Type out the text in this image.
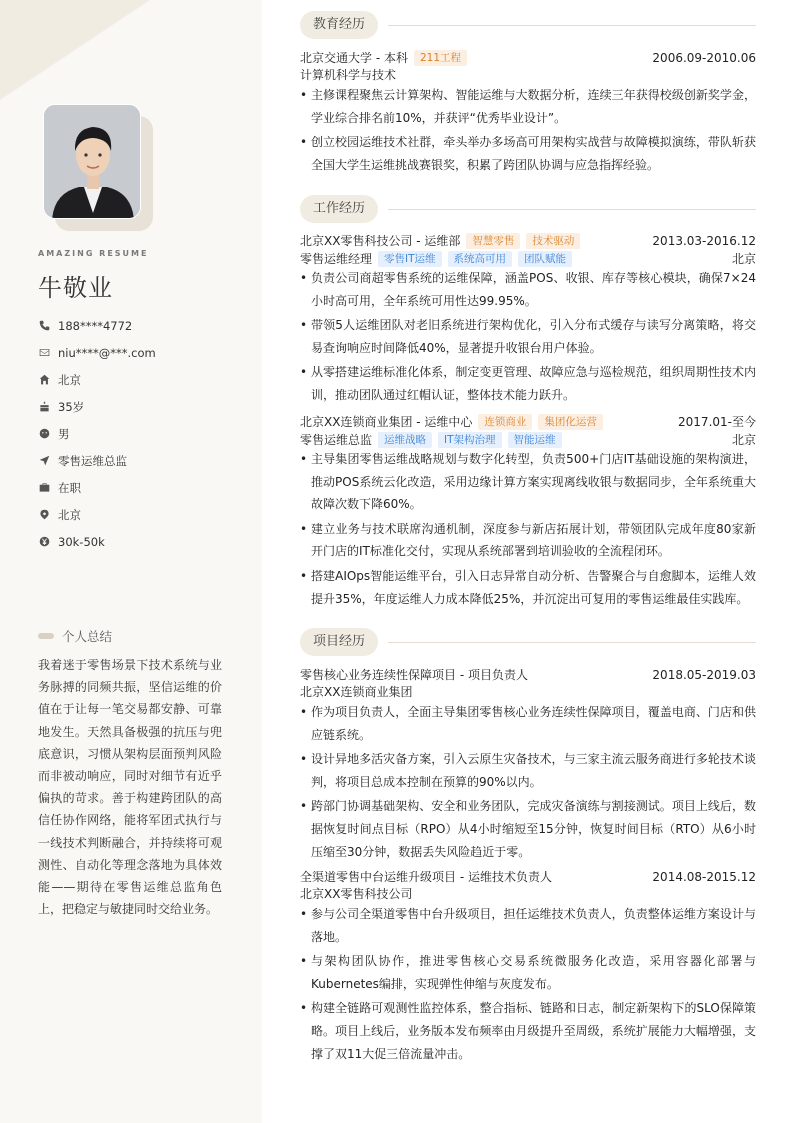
AMAZING RESUME
牛敬业
188****4772
niu****@***.com
北京
35岁
男
零售运维总监
在职
北京
30k-50k
个人总结
我着迷于零售场景下技术系统与业务脉搏的同频共振，坚信运维的价值在于让每一笔交易都安静、可靠地发生。天然具备极强的抗压与兜底意识，习惯从架构层面预判风险而非被动响应，同时对细节有近乎偏执的苛求。善于构建跨团队的高信任协作网络，能将军团式执行与一线技术判断融合，并持续将可观测性、自动化等理念落地为具体效能——期待在零售运维总监角色上，把稳定与敏捷同时交给业务。
教育经历
北京交通大学 - 本科	211工程	2006.09-2010.06
计算机科学与技术
• 主修课程聚焦云计算架构、智能运维与大数据分析，连续三年获得校级创新奖学金，学业综合排名前10%，并获评“优秀毕业设计”。
• 创立校园运维技术社群，牵头举办多场高可用架构实战营与故障模拟演练，带队斩获全国大学生运维挑战赛银奖，积累了跨团队协调与应急指挥经验。
工作经历
北京XX零售科技公司 - 运维部	智慧零售	技术驱动	2013.03-2016.12
零售运维经理	零售IT运维	系统高可用	团队赋能	北京
• 负责公司商超零售系统的运维保障，涵盖POS、收银、库存等核心模块，确保7×24小时高可用，全年系统可用性达99.95%。
• 带领5人运维团队对老旧系统进行架构优化，引入分布式缓存与读写分离策略，将交易查询响应时间降低40%，显著提升收银台用户体验。
• 从零搭建运维标准化体系，制定变更管理、故障应急与巡检规范，组织周期性技术内训，推动团队通过红帽认证，整体技术能力跃升。
北京XX连锁商业集团 - 运维中心	连锁商业	集团化运营	2017.01-至今
零售运维总监	运维战略	IT架构治理	智能运维	北京
• 主导集团零售运维战略规划与数字化转型，负责500+门店IT基础设施的架构演进，推动POS系统云化改造，采用边缘计算方案实现离线收银与数据同步，全年系统重大故障次数下降60%。
• 建立业务与技术联席沟通机制，深度参与新店拓展计划，带领团队完成年度80家新开门店的IT标准化交付，实现从系统部署到培训验收的全流程闭环。
• 搭建AIOps智能运维平台，引入日志异常自动分析、告警聚合与自愈脚本，运维人效提升35%，年度运维人力成本降低25%，并沉淀出可复用的零售运维最佳实践库。
项目经历
零售核心业务连续性保障项目 - 项目负责人	2018.05-2019.03
北京XX连锁商业集团
• 作为项目负责人，全面主导集团零售核心业务连续性保障项目，覆盖电商、门店和供应链系统。
• 设计异地多活灾备方案，引入云原生灾备技术，与三家主流云服务商进行多轮技术谈判，将项目总成本控制在预算的90%以内。
• 跨部门协调基础架构、安全和业务团队，完成灾备演练与割接测试。项目上线后，数据恢复时间点目标（RPO）从4小时缩短至15分钟，恢复时间目标（RTO）从6小时压缩至30分钟，数据丢失风险趋近于零。
全渠道零售中台运维升级项目 - 运维技术负责人	2014.08-2015.12
北京XX零售科技公司
• 参与公司全渠道零售中台升级项目，担任运维技术负责人，负责整体运维方案设计与落地。
• 与架构团队协作，推进零售核心交易系统微服务化改造，采用容器化部署与Kubernetes编排，实现弹性伸缩与灰度发布。
• 构建全链路可观测性监控体系，整合指标、链路和日志，制定新架构下的SLO保障策略。项目上线后，业务版本发布频率由月级提升至周级，系统扩展能力大幅增强，支撑了双11大促三倍流量冲击。
